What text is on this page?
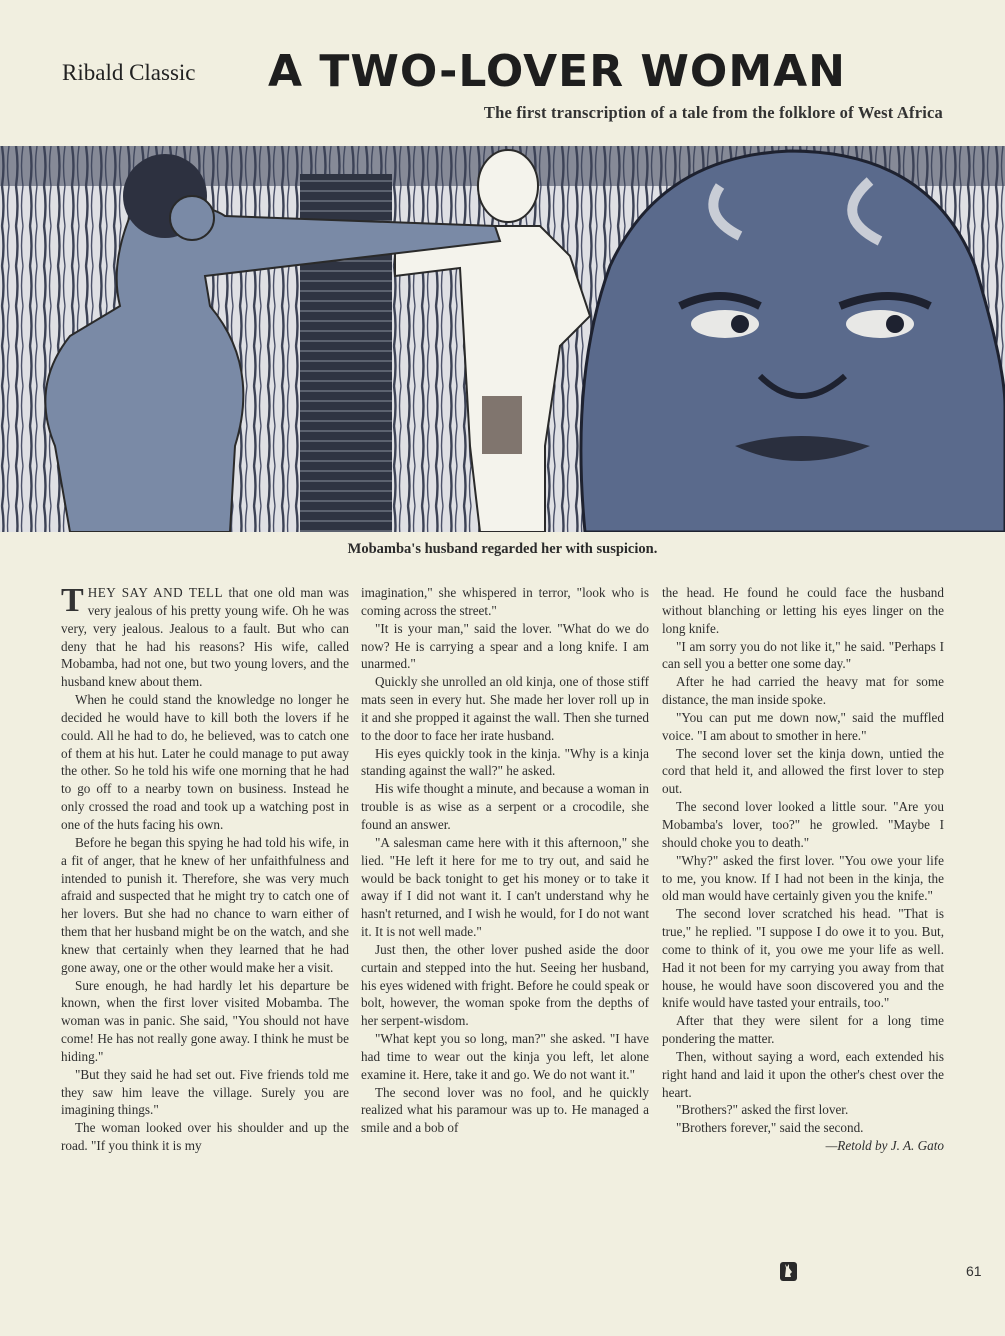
Ribald Classic A TWO-LOVER WOMAN
The first transcription of a tale from the folklore of West Africa
Mobamba's husband regarded her with suspicion.

THEY SAY AND TELL that one old man was very jealous of his pretty young wife. Oh he was very, very jealous. Jealous to a fault. But who can deny that he had his reasons? His wife, called Mobamba, had not one, but two young lovers, and the husband knew about them.

When he could stand the knowledge no longer he decided he would have to kill both the lovers if he could. All he had to do, he believed, was to catch one of them at his hut. Later he could manage to put away the other. So he told his wife one morning that he had to go off to a nearby town on business. Instead he only crossed the road and took up a watching post in one of the huts facing his own.

Before he began this spying he had told his wife, in a fit of anger, that he knew of her unfaithfulness and intended to punish it. Therefore, she was very much afraid and suspected that he might try to catch one of her lovers. But she had no chance to warn either of them that her husband might be on the watch, and she knew that certainly when they learned that he had gone away, one or the other would make her a visit.

Sure enough, he had hardly let his departure be known, when the first lover visited Mobamba. The woman was in panic. She said, "You should not have come! He has not really gone away. I think he must be hiding."

"But they said he had set out. Five friends told me they saw him leave the village. Surely you are imagining things."

The woman looked over his shoulder and up the road. "If you think it is my

imagination," she whispered in terror, "look who is coming across the street."

"It is your man," said the lover. "What do we do now? He is carrying a spear and a long knife. I am unarmed."

Quickly she unrolled an old kinja, one of those stiff mats seen in every hut. She made her lover roll up in it and she propped it against the wall. Then she turned to the door to face her irate husband.

His eyes quickly took in the kinja. "Why is a kinja standing against the wall?" he asked.

His wife thought a minute, and because a woman in trouble is as wise as a serpent or a crocodile, she found an answer.

"A salesman came here with it this afternoon," she lied. "He left it here for me to try out, and said he would be back tonight to get his money or to take it away if I did not want it. I can't understand why he hasn't returned, and I wish he would, for I do not want it. It is not well made."

Just then, the other lover pushed aside the door curtain and stepped into the hut. Seeing her husband, his eyes widened with fright. Before he could speak or bolt, however, the woman spoke from the depths of her serpent-wisdom.

"What kept you so long, man?" she asked. "I have had time to wear out the kinja you left, let alone examine it. Here, take it and go. We do not want it."

The second lover was no fool, and he quickly realized what his paramour was up to. He managed a smile and a bob of

the head. He found he could face the husband without blanching or letting his eyes linger on the long knife.

"I am sorry you do not like it," he said. "Perhaps I can sell you a better one some day."

After he had carried the heavy mat for some distance, the man inside spoke.

"You can put me down now," said the muffled voice. "I am about to smother in here."

The second lover set the kinja down, untied the cord that held it, and allowed the first lover to step out.

The second lover looked a little sour. "Are you Mobamba's lover, too?" he growled. "Maybe I should choke you to death."

"Why?" asked the first lover. "You owe your life to me, you know. If I had not been in the kinja, the old man would have certainly given you the knife."

The second lover scratched his head. "That is true," he replied. "I suppose I do owe it to you. But, come to think of it, you owe me your life as well. Had it not been for my carrying you away from that house, he would have soon discovered you and the knife would have tasted your entrails, too."

After that they were silent for a long time pondering the matter.

Then, without saying a word, each extended his right hand and laid it upon the other's chest over the heart.

"Brothers?" asked the first lover.

"Brothers forever," said the second.

—Retold by J. A. Gato

61
